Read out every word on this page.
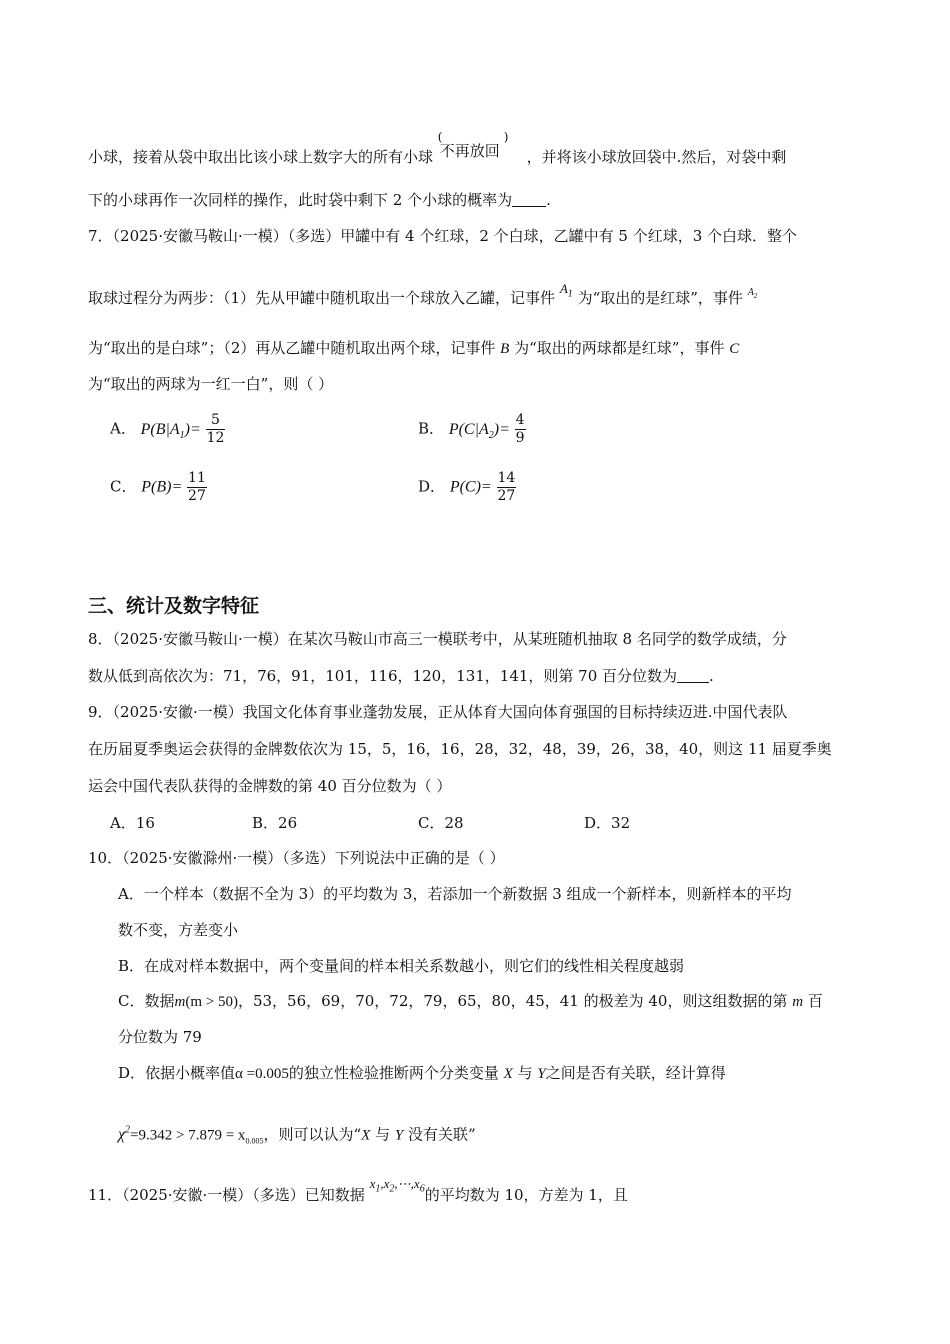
小球，接着从袋中取出比该小球上数字大的所有小球
(
不再放回
)
，并将该小球放回袋中.然后，对袋中剩
下的小球再作一次同样的操作，此时袋中剩下 2 个小球的概率为 .
7．（2025·安徽马鞍山·一模）（多选）甲罐中有 4 个红球，2 个白球，乙罐中有 5 个红球，3 个白球．整个
取球过程分为两步：（1）先从甲罐中随机取出一个球放入乙罐，记事件 $A_1$ 为“取出的是红球”，事件 $^{A_2}$
为“取出的是白球”；（2）再从乙罐中随机取出两个球，记事件 B 为“取出的两球都是红球”，事件 C
为“取出的两球为一红一白”，则（ ）
A． $P(B|A_1)= \frac{5}{12}$	B． $P(C|A_2)= \frac{4}{9}$
C． $P(B)= \frac{11}{27}$	D． $P(C)= \frac{14}{27}$
三、统计及数字特征
8．（2025·安徽马鞍山·一模）在某次马鞍山市高三一模联考中，从某班随机抽取 8 名同学的数学成绩，分
数从低到高依次为：71，76，91，101，116，120，131，141，则第 70 百分位数为 .
9．（2025·安徽·一模）我国文化体育事业蓬勃发展，正从体育大国向体育强国的目标持续迈进.中国代表队
在历届夏季奥运会获得的金牌数依次为 15，5，16，16，28，32，48，39，26，38，40，则这 11 届夏季奥
运会中国代表队获得的金牌数的第 40 百分位数为（ ）
A．16	B．26	C．28	D．32
10．（2025·安徽滁州·一模）（多选）下列说法中正确的是（ ）
A．一个样本（数据不全为 3）的平均数为 3，若添加一个新数据 3 组成一个新样本，则新样本的平均
数不变，方差变小
B．在成对样本数据中，两个变量间的样本相关系数越小，则它们的线性相关程度越弱
C．数据m(m > 50)，53，56，69，70，72，79，65，80，45，41 的极差为 40，则这组数据的第 m 百
分位数为 79
D．依据小概率值α =0.005的独立性检验推断两个分类变量 X 与 Y之间是否有关联，经计算得
$\chi^2=9.342 > 7.879 = x_{0.005}$，则可以认为“X 与 Y 没有关联”
11．（2025·安徽·一模）（多选）已知数据 $x_1,x_2,\cdots,x_6$的平均数为 10，方差为 1，且
